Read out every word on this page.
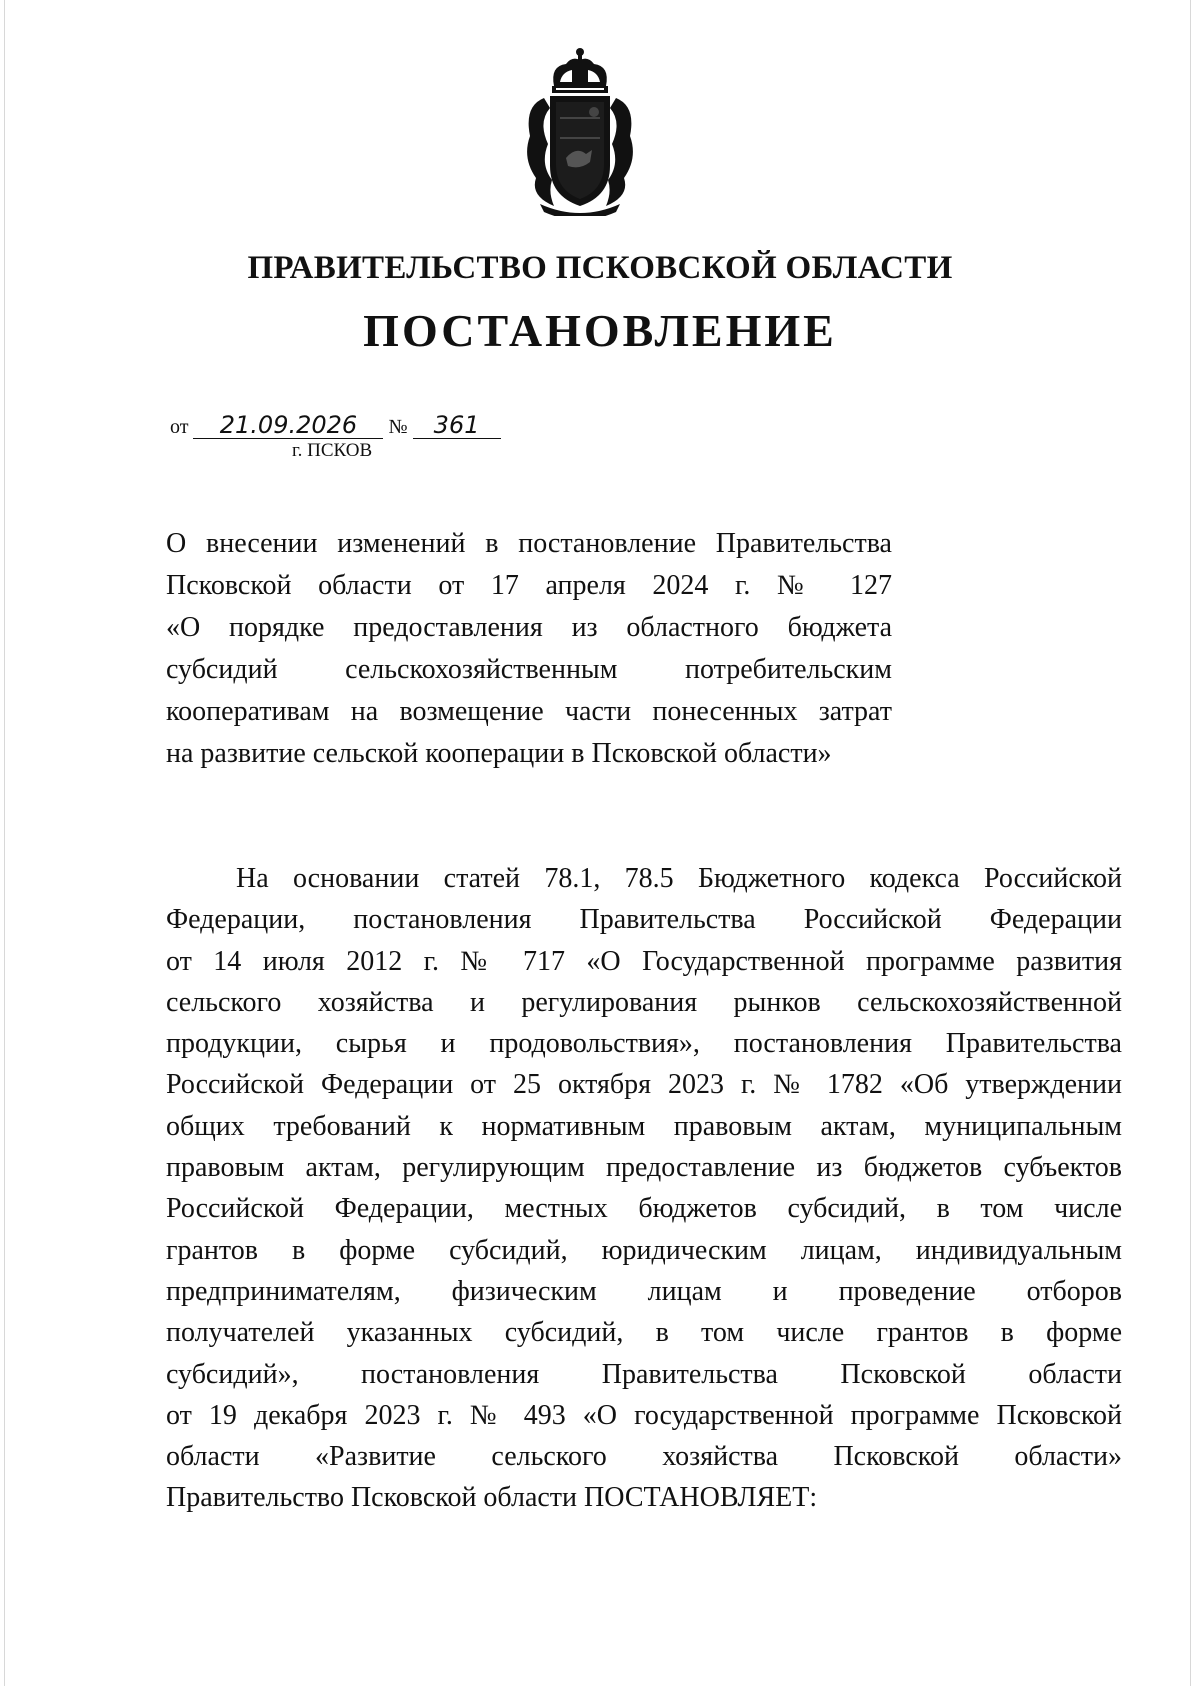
ПРАВИТЕЛЬСТВО ПСКОВСКОЙ ОБЛАСТИ
ПОСТАНОВЛЕНИЕ
от 21.09.2026 № 361
г. ПСКОВ
О внесении изменений в постановление Правительства
Псковской области от 17 апреля 2024 г. № 127
«О порядке предоставления из областного бюджета
субсидий сельскохозяйственным потребительским
кооперативам на возмещение части понесенных затрат
на развитие сельской кооперации в Псковской области»
На основании статей 78.1, 78.5 Бюджетного кодекса Российской
Федерации, постановления Правительства Российской Федерации
от 14 июля 2012 г. № 717 «О Государственной программе развития
сельского хозяйства и регулирования рынков сельскохозяйственной
продукции, сырья и продовольствия», постановления Правительства
Российской Федерации от 25 октября 2023 г. № 1782 «Об утверждении
общих требований к нормативным правовым актам, муниципальным
правовым актам, регулирующим предоставление из бюджетов субъектов
Российской Федерации, местных бюджетов субсидий, в том числе
грантов в форме субсидий, юридическим лицам, индивидуальным
предпринимателям, физическим лицам и проведение отборов
получателей указанных субсидий, в том числе грантов в форме
субсидий», постановления Правительства Псковской области
от 19 декабря 2023 г. № 493 «О государственной программе Псковской
области «Развитие сельского хозяйства Псковской области»
Правительство Псковской области ПОСТАНОВЛЯЕТ:
